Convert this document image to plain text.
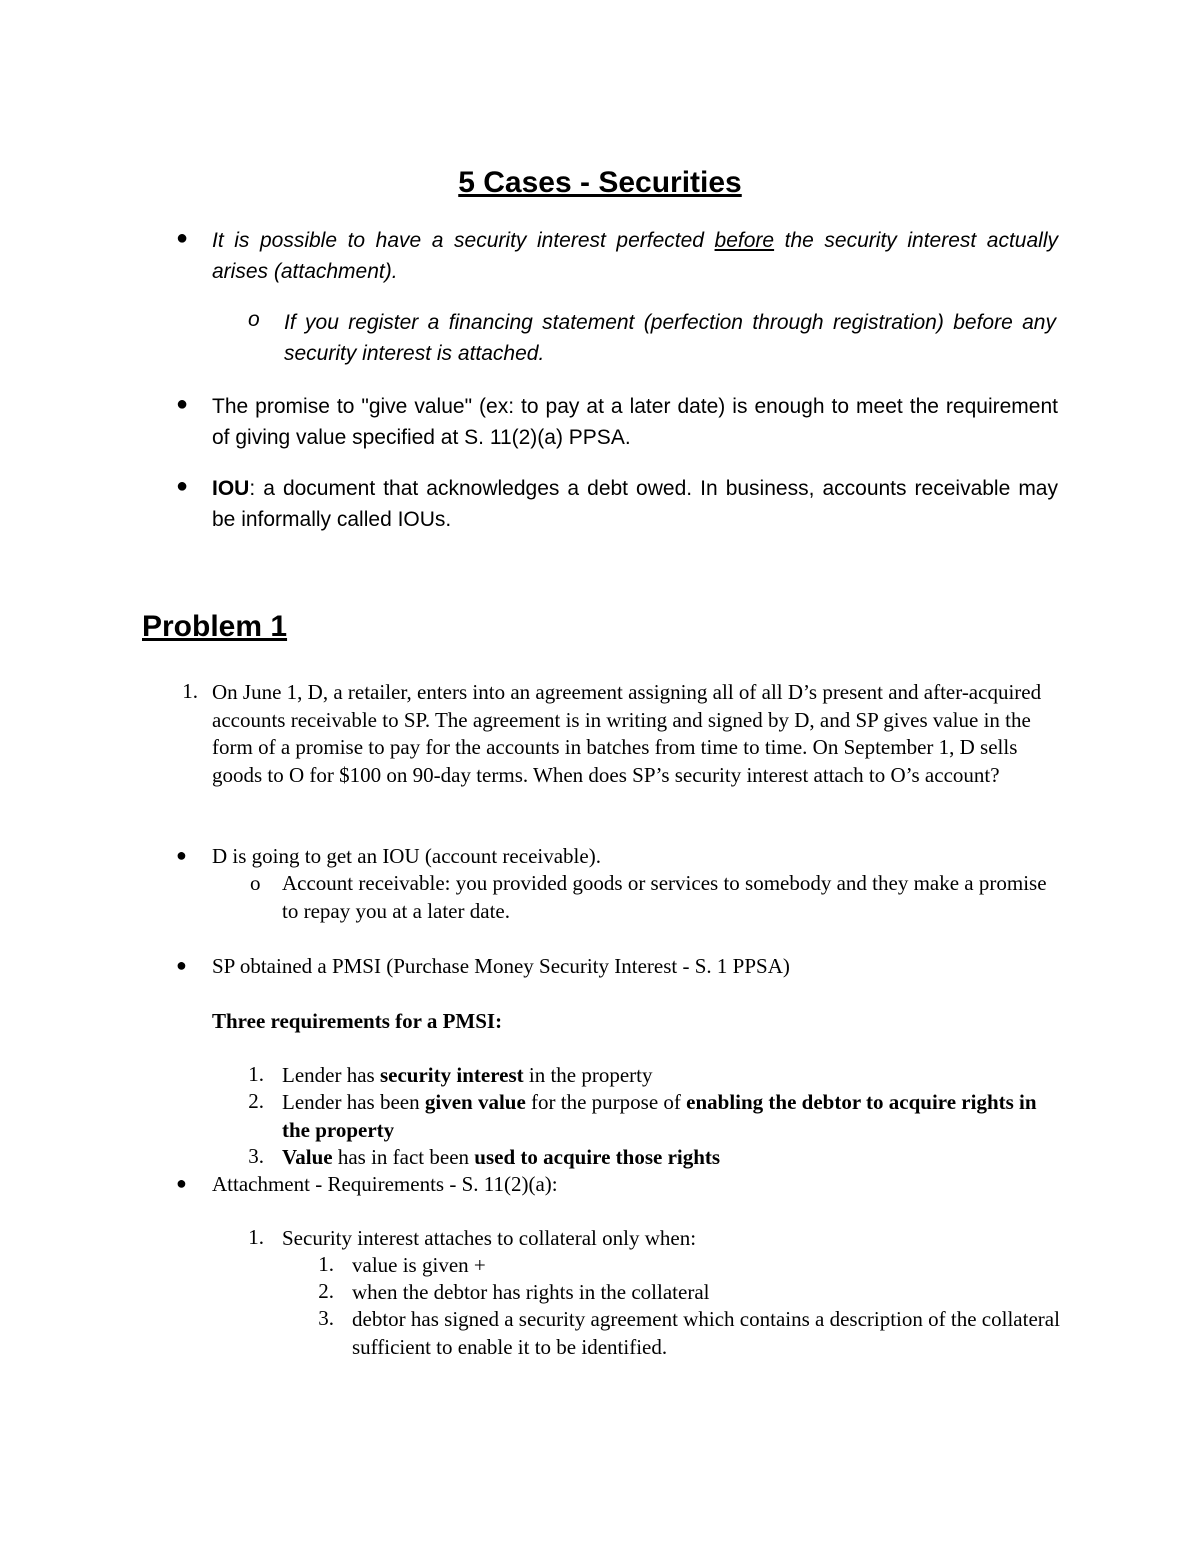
5 Cases - Securities
● It is possible to have a security interest perfected before the security interest actually arises (attachment).

o If you register a financing statement (perfection through registration) before any security interest is attached.

● The promise to "give value" (ex: to pay at a later date) is enough to meet the requirement of giving value specified at S. 11(2)(a) PPSA.

● IOU: a document that acknowledges a debt owed. In business, accounts receivable may be informally called IOUs.

Problem 1
1. On June 1, D, a retailer, enters into an agreement assigning all of all D’s present and after-acquired accounts receivable to SP. The agreement is in writing and signed by D, and SP gives value in the form of a promise to pay for the accounts in batches from time to time. On September 1, D sells goods to O for $100 on 90-day terms. When does SP’s security interest attach to O’s account?

● D is going to get an IOU (account receivable).

o Account receivable: you provided goods or services to somebody and they make a promise to repay you at a later date.

● SP obtained a PMSI (Purchase Money Security Interest - S. 1 PPSA)

Three requirements for a PMSI:

1. Lender has security interest in the property

2. Lender has been given value for the purpose of enabling the debtor to acquire rights in the property

3. Value has in fact been used to acquire those rights

● Attachment - Requirements - S. 11(2)(a):

1. Security interest attaches to collateral only when:

1. value is given +

2. when the debtor has rights in the collateral

3. debtor has signed a security agreement which contains a description of the collateral sufficient to enable it to be identified.
